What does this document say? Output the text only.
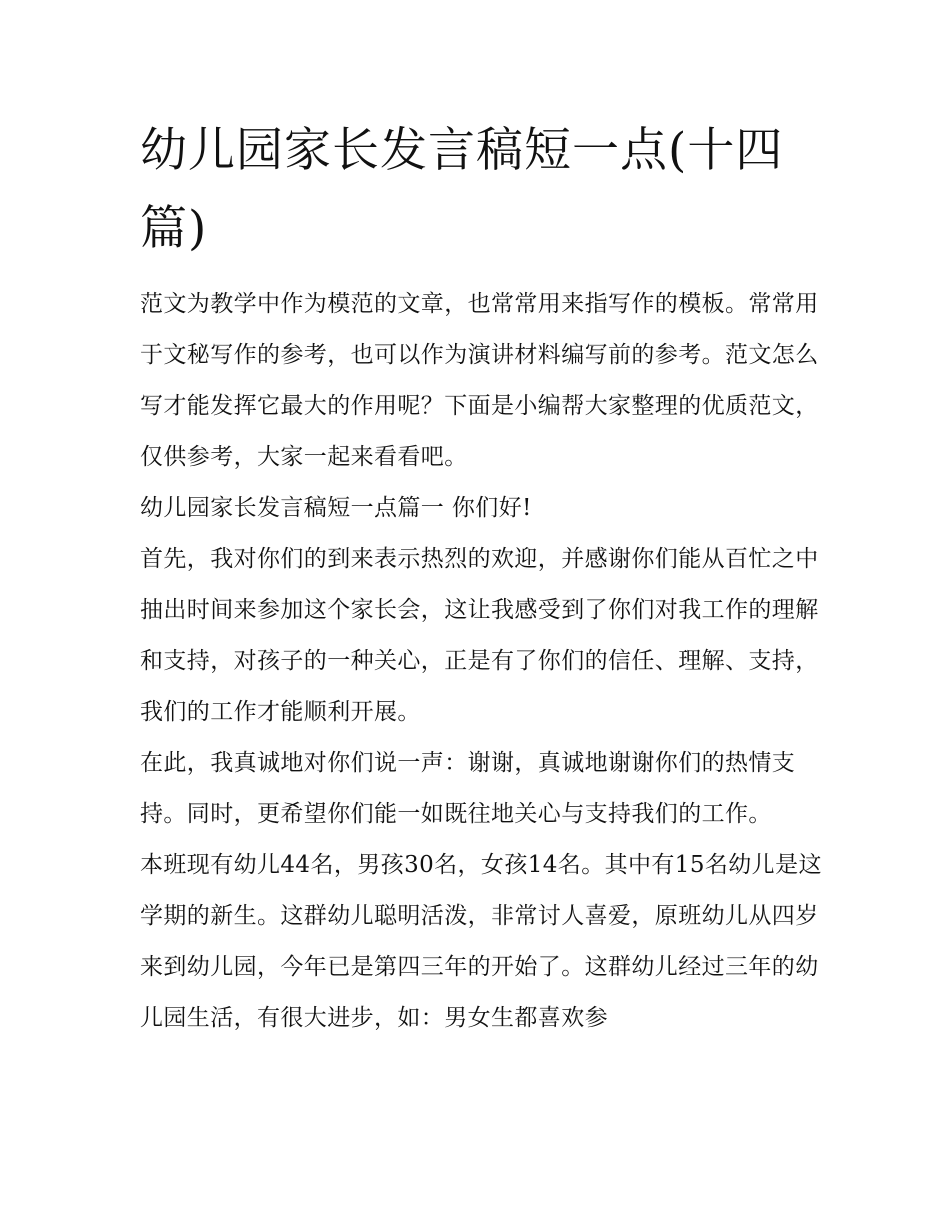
幼儿园家长发言稿短一点(十四篇)

范文为教学中作为模范的文章，也常常用来指写作的模板。常常用于文秘写作的参考，也可以作为演讲材料编写前的参考。范文怎么写才能发挥它最大的作用呢？下面是小编帮大家整理的优质范文，仅供参考，大家一起来看看吧。

幼儿园家长发言稿短一点篇一 你们好!

首先，我对你们的到来表示热烈的欢迎，并感谢你们能从百忙之中抽出时间来参加这个家长会，这让我感受到了你们对我工作的理解和支持，对孩子的一种关心，正是有了你们的信任、理解、支持，我们的工作才能顺利开展。

在此，我真诚地对你们说一声：谢谢，真诚地谢谢你们的热情支持。同时，更希望你们能一如既往地关心与支持我们的工作。

本班现有幼儿44名，男孩30名，女孩14名。其中有15名幼儿是这学期的新生。这群幼儿聪明活泼，非常讨人喜爱，原班幼儿从四岁来到幼儿园，今年已是第四三年的开始了。这群幼儿经过三年的幼儿园生活，有很大进步，如：男女生都喜欢参
